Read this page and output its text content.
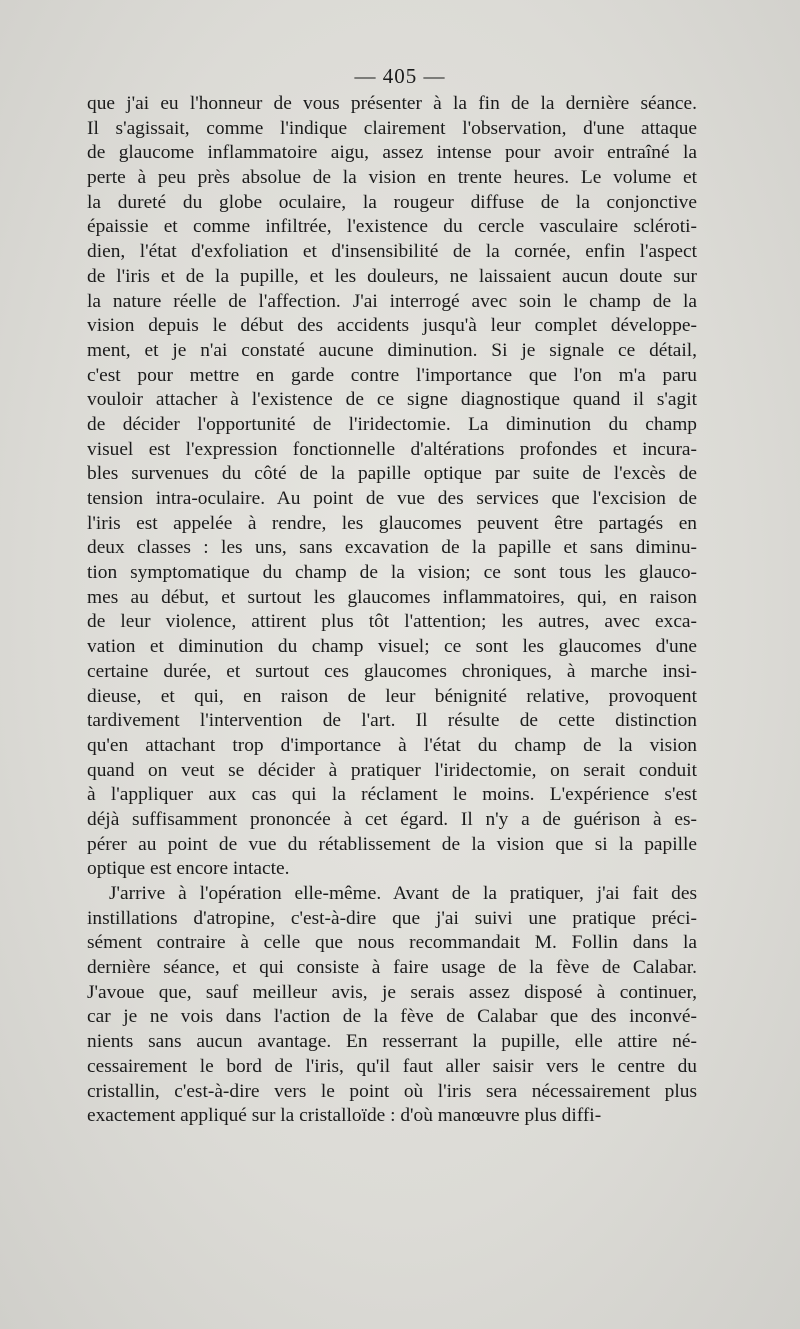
— 405 —
que j'ai eu l'honneur de vous présenter à la fin de la dernière séance.
Il s'agissait, comme l'indique clairement l'observation, d'une attaque
de glaucome inflammatoire aigu, assez intense pour avoir entraîné la
perte à peu près absolue de la vision en trente heures. Le volume et
la dureté du globe oculaire, la rougeur diffuse de la conjonctive
épaissie et comme infiltrée, l'existence du cercle vasculaire scléroti-
dien, l'état d'exfoliation et d'insensibilité de la cornée, enfin l'aspect
de l'iris et de la pupille, et les douleurs, ne laissaient aucun doute sur
la nature réelle de l'affection. J'ai interrogé avec soin le champ de la
vision depuis le début des accidents jusqu'à leur complet développe-
ment, et je n'ai constaté aucune diminution. Si je signale ce détail,
c'est pour mettre en garde contre l'importance que l'on m'a paru
vouloir attacher à l'existence de ce signe diagnostique quand il s'agit
de décider l'opportunité de l'iridectomie. La diminution du champ
visuel est l'expression fonctionnelle d'altérations profondes et incura-
bles survenues du côté de la papille optique par suite de l'excès de
tension intra-oculaire. Au point de vue des services que l'excision de
l'iris est appelée à rendre, les glaucomes peuvent être partagés en
deux classes : les uns, sans excavation de la papille et sans diminu-
tion symptomatique du champ de la vision; ce sont tous les glauco-
mes au début, et surtout les glaucomes inflammatoires, qui, en raison
de leur violence, attirent plus tôt l'attention; les autres, avec exca-
vation et diminution du champ visuel; ce sont les glaucomes d'une
certaine durée, et surtout ces glaucomes chroniques, à marche insi-
dieuse, et qui, en raison de leur bénignité relative, provoquent
tardivement l'intervention de l'art. Il résulte de cette distinction
qu'en attachant trop d'importance à l'état du champ de la vision
quand on veut se décider à pratiquer l'iridectomie, on serait conduit
à l'appliquer aux cas qui la réclament le moins. L'expérience s'est
déjà suffisamment prononcée à cet égard. Il n'y a de guérison à es-
pérer au point de vue du rétablissement de la vision que si la papille
optique est encore intacte.
J'arrive à l'opération elle-même. Avant de la pratiquer, j'ai fait des
instillations d'atropine, c'est-à-dire que j'ai suivi une pratique préci-
sément contraire à celle que nous recommandait M. Follin dans la
dernière séance, et qui consiste à faire usage de la fève de Calabar.
J'avoue que, sauf meilleur avis, je serais assez disposé à continuer,
car je ne vois dans l'action de la fève de Calabar que des inconvé-
nients sans aucun avantage. En resserrant la pupille, elle attire né-
cessairement le bord de l'iris, qu'il faut aller saisir vers le centre du
cristallin, c'est-à-dire vers le point où l'iris sera nécessairement plus
exactement appliqué sur la cristalloïde : d'où manœuvre plus diffi-
